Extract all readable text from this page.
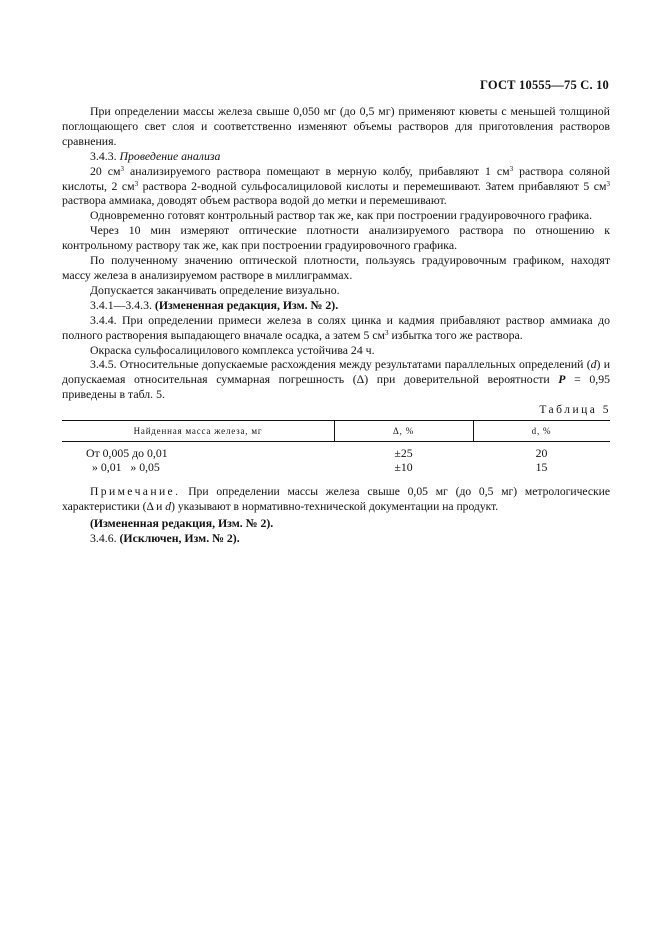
ГОСТ 10555—75 С. 10

При определении массы железа свыше 0,050 мг (до 0,5 мг) применяют кюветы с меньшей толщиной поглощающего свет слоя и соответственно изменяют объемы растворов для приготовления растворов сравнения.

3.4.3. Проведение анализа

20 $см^3$ анализируемого раствора помещают в мерную колбу, прибавляют 1 $см^3$ раствора соляной кислоты, 2 $см^3$ раствора 2-водной сульфосалициловой кислоты и перемешивают. Затем прибавляют 5 $см^3$ раствора аммиака, доводят объем раствора водой до метки и перемешивают.

Одновременно готовят контрольный раствор так же, как при построении градуировочного графика.

Через 10 мин измеряют оптические плотности анализируемого раствора по отношению к контрольному раствору так же, как при построении градуировочного графика.

По полученному значению оптической плотности, пользуясь градуировочным графиком, находят массу железа в анализируемом растворе в миллиграммах.

Допускается заканчивать определение визуально.

3.4.1—3.4.3. (Измененная редакция, Изм. № 2).

3.4.4. При определении примеси железа в солях цинка и кадмия прибавляют раствор аммиака до полного растворения выпадающего вначале осадка, а затем 5 $см^3$ избытка того же раствора.

Окраска сульфосалицилового комплекса устойчива 24 ч.

3.4.5. Относительные допускаемые расхождения между результатами параллельных определений (d) и допускаемая относительная суммарная погрешность (Δ) при доверительной вероятности P = 0,95 приведены в табл. 5.

Таблица 5
Найденная масса железа, мг	Δ, %	d, %
От 0,005 до 0,01	±25	20
» 0,01   » 0,05	±10	15
Примечание. При определении массы железа свыше 0,05 мг (до 0,5 мг) метрологические характеристики (Δ и d) указывают в нормативно-технической документации на продукт.

(Измененная редакция, Изм. № 2).

3.4.6. (Исключен, Изм. № 2).
